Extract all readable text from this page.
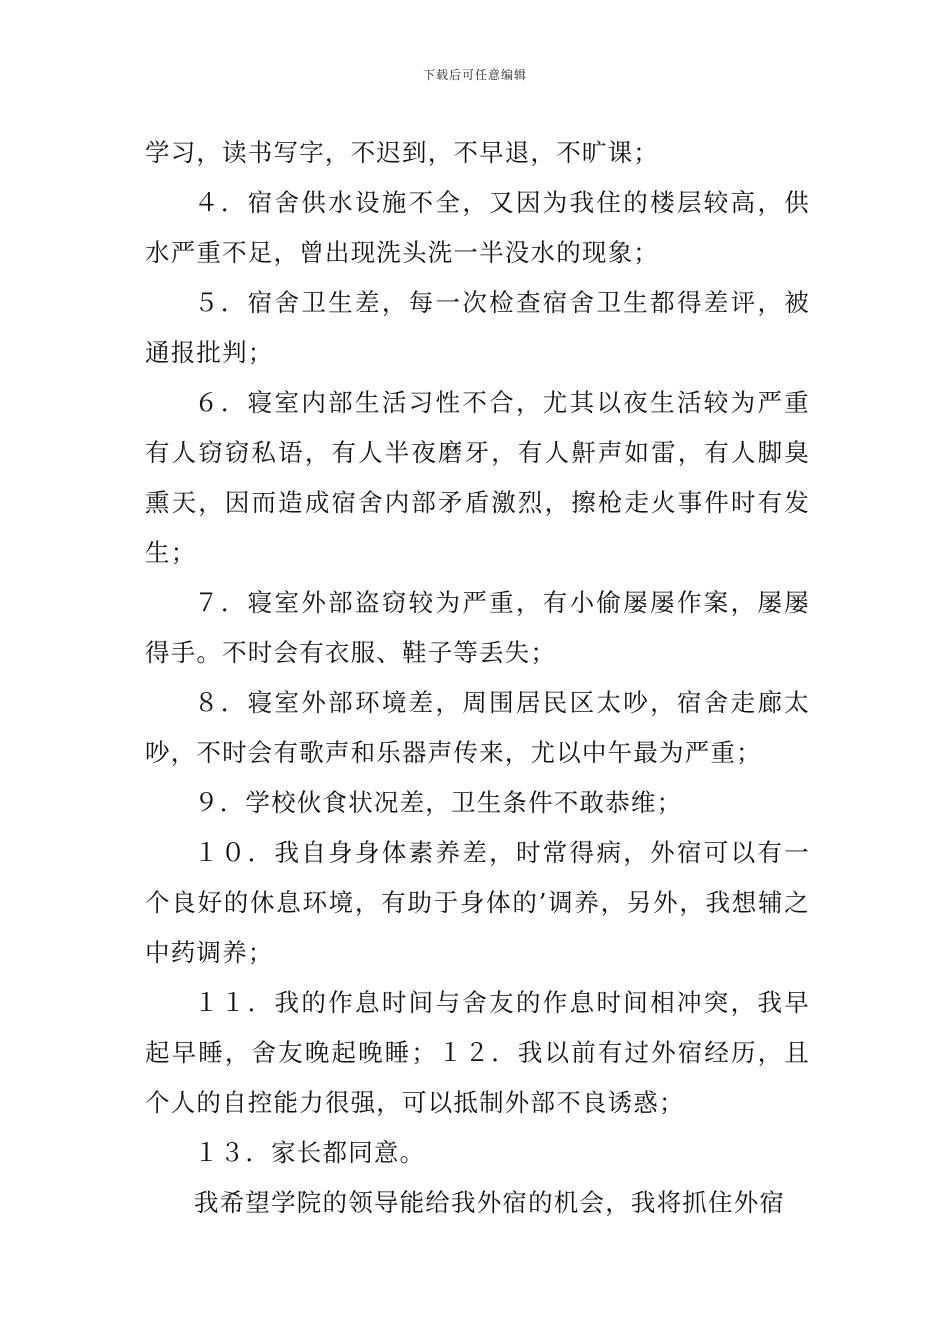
下载后可任意编辑

学习，读书写字，不迟到，不早退，不旷课；

４．宿舍供水设施不全，又因为我住的楼层较高，供水严重不足，曾出现洗头洗一半没水的现象；

５．宿舍卫生差，每一次检查宿舍卫生都得差评，被通报批判；

６．寝室内部生活习性不合，尤其以夜生活较为严重有人窃窃私语，有人半夜磨牙，有人鼾声如雷，有人脚臭熏天，因而造成宿舍内部矛盾激烈，擦枪走火事件时有发生；

７．寝室外部盗窃较为严重，有小偷屡屡作案，屡屡得手。不时会有衣服、鞋子等丢失；

８．寝室外部环境差，周围居民区太吵，宿舍走廊太吵，不时会有歌声和乐器声传来，尤以中午最为严重；

９．学校伙食状况差，卫生条件不敢恭维；

１０．我自身身体素养差，时常得病，外宿可以有一个良好的休息环境，有助于身体的’调养，另外，我想辅之中药调养；

１１．我的作息时间与舍友的作息时间相冲突，我早起早睡，舍友晚起晚睡；１２．我以前有过外宿经历，且个人的自控能力很强，可以抵制外部不良诱惑；

１３．家长都同意。

我希望学院的领导能给我外宿的机会，我将抓住外宿
